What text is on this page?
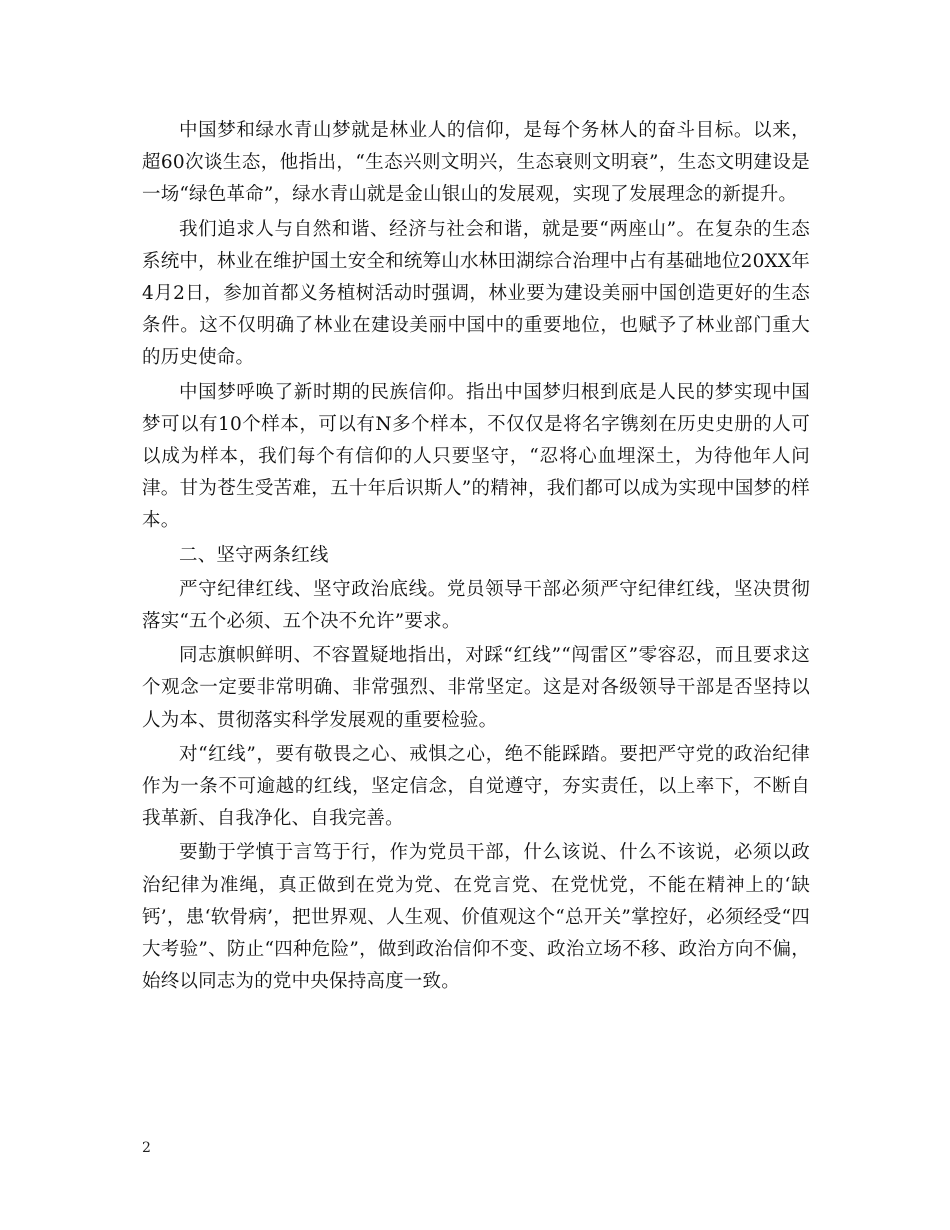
中国梦和绿水青山梦就是林业人的信仰，是每个务林人的奋斗目标。以来，超60次谈生态，他指出，“生态兴则文明兴，生态衰则文明衰”，生态文明建设是一场“绿色革命”，绿水青山就是金山银山的发展观，实现了发展理念的新提升。

我们追求人与自然和谐、经济与社会和谐，就是要“两座山”。在复杂的生态系统中，林业在维护国土安全和统筹山水林田湖综合治理中占有基础地位20XX年4月2日，参加首都义务植树活动时强调，林业要为建设美丽中国创造更好的生态条件。这不仅明确了林业在建设美丽中国中的重要地位，也赋予了林业部门重大的历史使命。

中国梦呼唤了新时期的民族信仰。指出中国梦归根到底是人民的梦实现中国梦可以有10个样本，可以有N多个样本，不仅仅是将名字镌刻在历史史册的人可以成为样本，我们每个有信仰的人只要坚守，“忍将心血埋深土，为待他年人问津。甘为苍生受苦难，五十年后识斯人”的精神，我们都可以成为实现中国梦的样本。

二、坚守两条红线

严守纪律红线、坚守政治底线。党员领导干部必须严守纪律红线，坚决贯彻落实“五个必须、五个决不允许”要求。

同志旗帜鲜明、不容置疑地指出，对踩“红线”“闯雷区”零容忍，而且要求这个观念一定要非常明确、非常强烈、非常坚定。这是对各级领导干部是否坚持以人为本、贯彻落实科学发展观的重要检验。

对“红线”，要有敬畏之心、戒惧之心，绝不能踩踏。要把严守党的政治纪律作为一条不可逾越的红线，坚定信念，自觉遵守，夯实责任，以上率下，不断自我革新、自我净化、自我完善。

要勤于学慎于言笃于行，作为党员干部，什么该说、什么不该说，必须以政治纪律为准绳，真正做到在党为党、在党言党、在党忧党，不能在精神上的‘缺钙’，患‘软骨病’，把世界观、人生观、价值观这个“总开关”掌控好，必须经受“四大考验”、防止“四种危险”，做到政治信仰不变、政治立场不移、政治方向不偏，始终以同志为的党中央保持高度一致。

2
